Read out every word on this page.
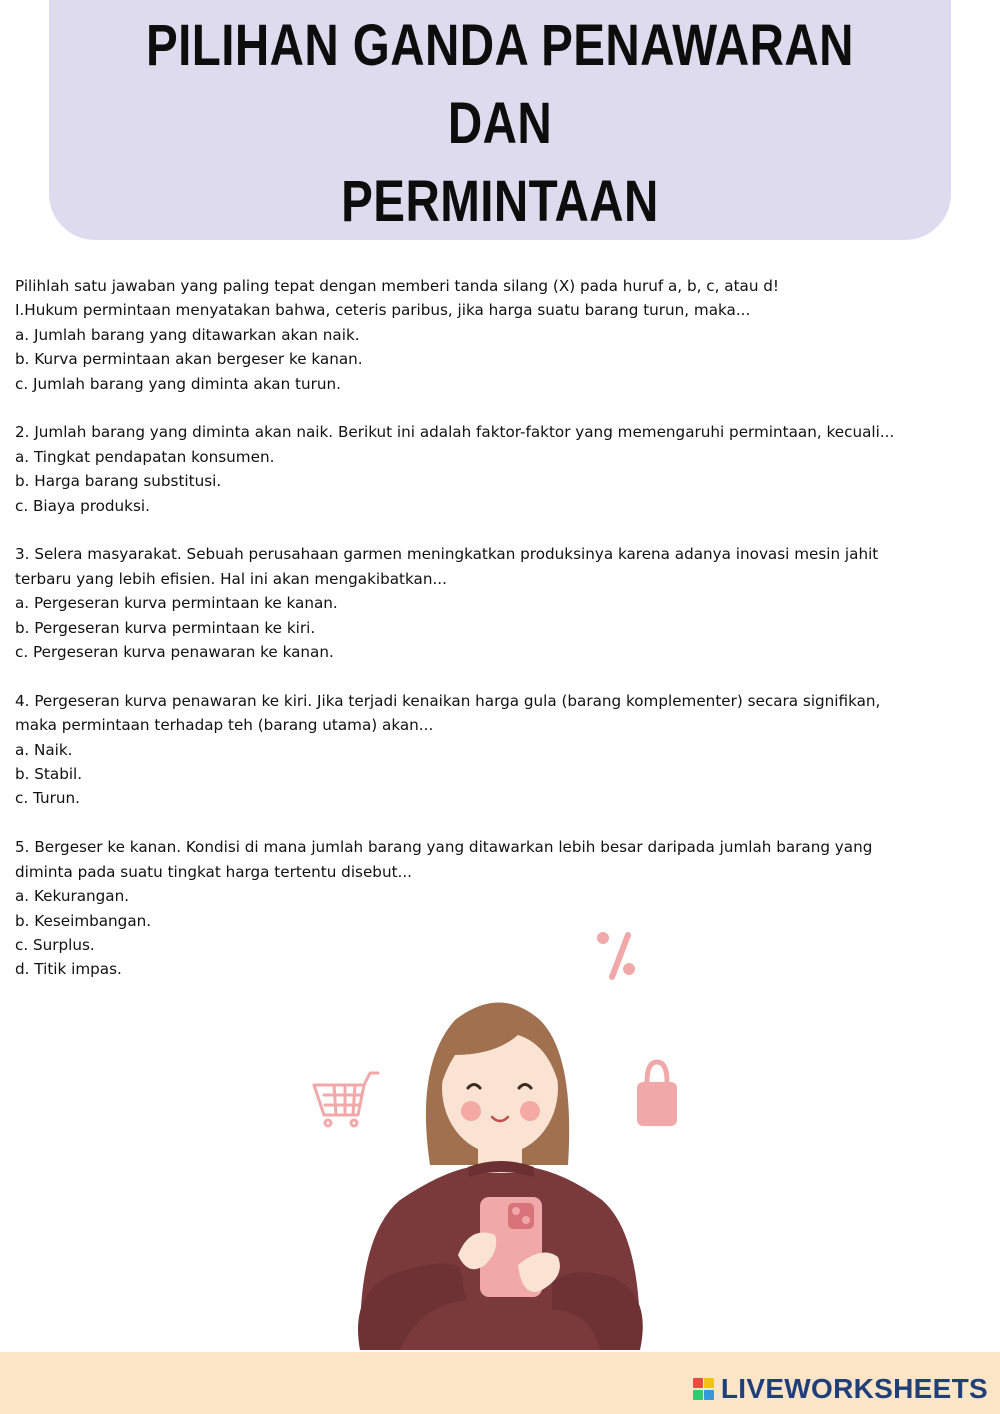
PILIHAN GANDA PENAWARAN DAN
PERMINTAAN
Pilihlah satu jawaban yang paling tepat dengan memberi tanda silang (X) pada huruf a, b, c, atau d!
I.Hukum permintaan menyatakan bahwa, ceteris paribus, jika harga suatu barang turun, maka...
a. Jumlah barang yang ditawarkan akan naik.
b. Kurva permintaan akan bergeser ke kanan.
c. Jumlah barang yang diminta akan turun.
2. Jumlah barang yang diminta akan naik. Berikut ini adalah faktor-faktor yang memengaruhi permintaan, kecuali...
a. Tingkat pendapatan konsumen.
b. Harga barang substitusi.
c. Biaya produksi.
3. Selera masyarakat. Sebuah perusahaan garmen meningkatkan produksinya karena adanya inovasi mesin jahit
terbaru yang lebih efisien. Hal ini akan mengakibatkan...
a. Pergeseran kurva permintaan ke kanan.
b. Pergeseran kurva permintaan ke kiri.
c. Pergeseran kurva penawaran ke kanan.
4. Pergeseran kurva penawaran ke kiri. Jika terjadi kenaikan harga gula (barang komplementer) secara signifikan,
maka permintaan terhadap teh (barang utama) akan...
a. Naik.
b. Stabil.
c. Turun.
5. Bergeser ke kanan. Kondisi di mana jumlah barang yang ditawarkan lebih besar daripada jumlah barang yang
diminta pada suatu tingkat harga tertentu disebut...
a. Kekurangan.
b. Keseimbangan.
c. Surplus.
d. Titik impas.
LIVEWORKSHEETS
